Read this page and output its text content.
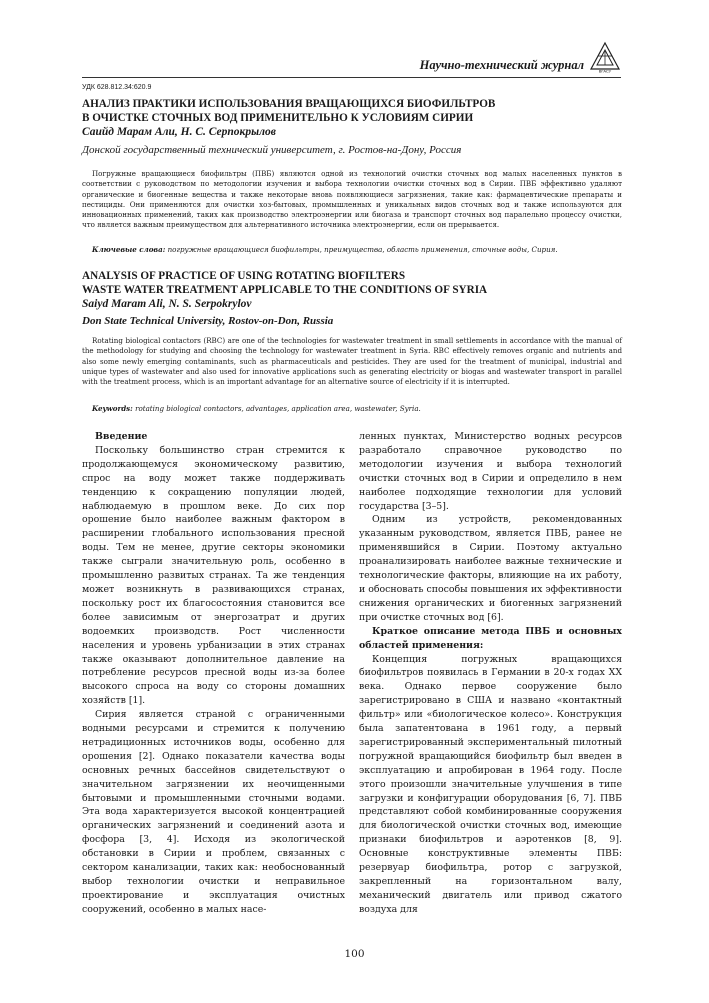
Научно-технический журнал	ВГАСУ
УДК 628.812.34:620.9
АНАЛИЗ ПРАКТИКИ ИСПОЛЬЗОВАНИЯ ВРАЩАЮЩИХСЯ БИОФИЛЬТРОВ
В ОЧИСТКЕ СТОЧНЫХ ВОД ПРИМЕНИТЕЛЬНО К УСЛОВИЯМ СИРИИ
Саийд Марам Али, Н. С. Серпокрылов
Донской государственный технический университет, г. Ростов-на-Дону, Россия
Погружные вращающиеся биофильтры (ПВБ) являются одной из технологий очистки сточных вод малых населенных пунктов в соответствии с руководством по методологии изучения и выбора технологии очистки сточных вод в Сирии. ПВБ эффективно удаляют органические и биогенные вещества и также некоторые вновь появляющиеся загрязнения, такие как: фармацевтические препараты и пестициды. Они применяются для очистки хоз-бытовых, промышленных и уникальных видов сточных вод и также используются для инновационных применений, таких как производство электроэнергии или биогаза и транспорт сточных вод паралельно процессу очистки, что является важным преимуществом для альтернативного источника электроэнергии, если он прерывается.
Ключевые слова: погружные вращающиеся биофильтры, преимущества, область применения, сточные воды, Сирия.
ANALYSIS OF PRACTICE OF USING ROTATING BIOFILTERS
WASTE WATER TREATMENT APPLICABLE TO THE CONDITIONS OF SYRIA
Saiyd Maram Ali, N. S. Serpokrylov
Don State Technical University, Rostov-on-Don, Russia
Rotating biological contactors (RBC) are one of the technologies for wastewater treatment in small settlements in accordance with the manual of the methodology for studying and choosing the technology for wastewater treatment in Syria. RBC effectively removes organic and nutrients and also some newly emerging contaminants, such as pharmaceuticals and pesticides. They are used for the treatment of municipal, industrial and unique types of wastewater and also used for innovative applications such as generating electricity or biogas and wastewater transport in parallel with the treatment process, which is an important advantage for an alternative source of electricity if it is interrupted.
Keywords: rotating biological contactors, advantages, application area, wastewater, Syria.
Введение

Поскольку большинство стран стремится к продолжающемуся экономическому развитию, спрос на воду может также поддерживать тенденцию к сокращению популяции людей, наблюдаемую в прошлом веке. До сих пор орошение было наиболее важным фактором в расширении глобального использования пресной воды. Тем не менее, другие секторы экономики также сыграли значительную роль, особенно в промышленно развитых странах. Та же тенденция может возникнуть в развивающихся странах, поскольку рост их благосостояния становится все более зависимым от энергозатрат и других водоемких производств. Рост численности населения и уровень урбанизации в этих странах также оказывают дополнительное давление на потребление ресурсов пресной воды из-за более высокого спроса на воду со стороны домашних хозяйств [1].

Сирия является страной с ограниченными водными ресурсами и стремится к получению нетрадиционных источников воды, особенно для орошения [2]. Однако показатели качества воды основных речных бассейнов свидетельствуют о значительном загрязнении их неочищенными бытовыми и промышленными сточными водами. Эта вода характеризуется высокой концентрацией органических загрязнений и соединений азота и фосфора [3, 4]. Исходя из экологической обстановки в Сирии и проблем, связанных с сектором канализации, таких как: необоснованный выбор технологии очистки и неправильное проектирование и эксплуатация очистных сооружений, особенно в малых насе-

ленных пунктах, Министерство водных ресурсов разработало справочное руководство по методологии изучения и выбора технологий очистки сточных вод в Сирии и определило в нем наиболее подходящие технологии для условий государства [3–5].

Одним из устройств, рекомендованных указанным руководством, является ПВБ, ранее не применявшийся в Сирии. Поэтому актуально проанализировать наиболее важные технические и технологические факторы, влияющие на их работу, и обосновать способы повышения их эффективности снижения органических и биогенных загрязнений при очистке сточных вод [6].

Краткое описание метода ПВБ и основных областей применения:

Концепция погружных вращающихся биофильтров появилась в Германии в 20-х годах XX века. Однако первое сооружение было зарегистрировано в США и названо «контактный фильтр» или «биологическое колесо». Конструкция была запатентована в 1961 году, а первый зарегистрированный экспериментальный пилотный погружной вращающийся биофильтр был введен в эксплуатацию и апробирован в 1964 году. После этого произошли значительные улучшения в типе загрузки и конфигурации оборудования [6, 7]. ПВБ представляют собой комбинированные сооружения для биологической очистки сточных вод, имеющие признаки биофильтров и аэротенков [8, 9]. Основные конструктивные элементы ПВБ: резервуар биофильтра, ротор с загрузкой, закрепленный на горизонтальном валу, механический двигатель или привод сжатого воздуха для

100
